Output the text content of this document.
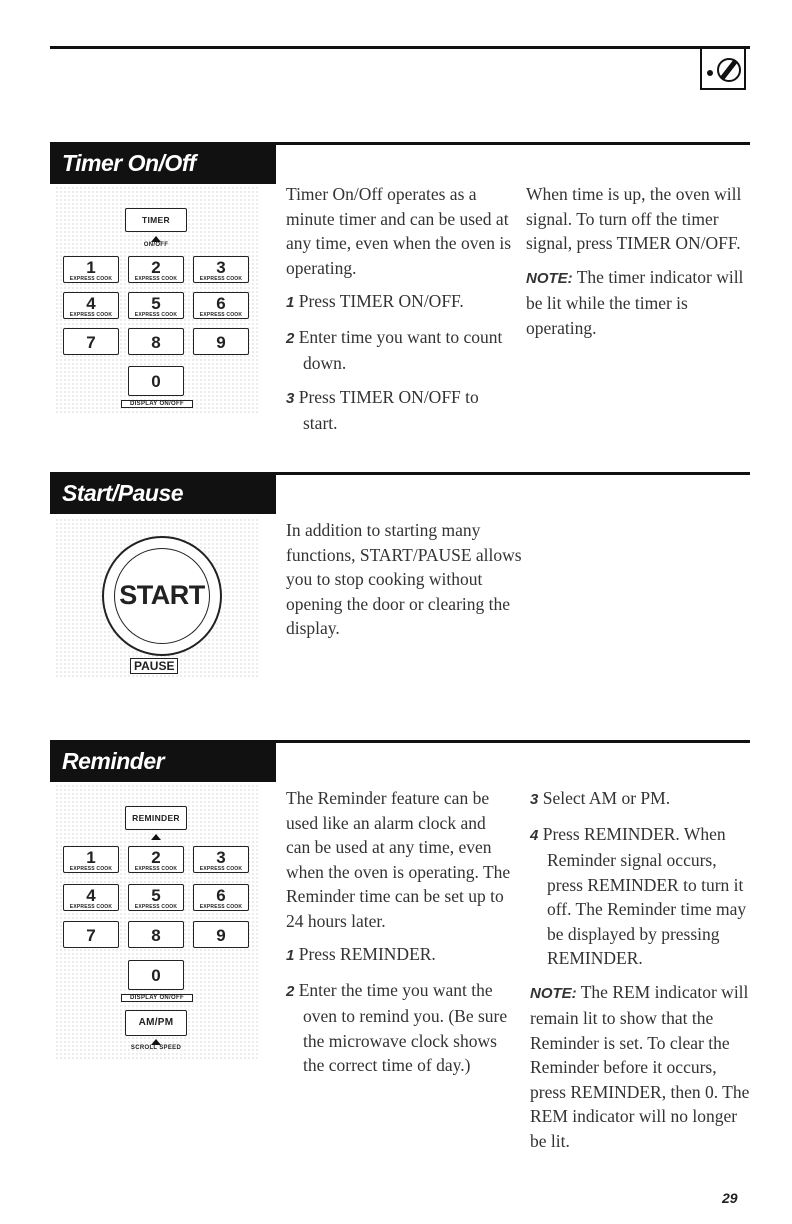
Timer On/Off
TIMER
ON/OFF
1
EXPRESS COOK
2
EXPRESS COOK
3
EXPRESS COOK
4
EXPRESS COOK
5
EXPRESS COOK
6
EXPRESS COOK
7	8	9
0
DISPLAY ON/OFF

Timer On/Off operates as a minute timer and can be used at any time, even when the oven is operating.

1 Press TIMER ON/OFF.

2 Enter time you want to count down.

3 Press TIMER ON/OFF to start.

When time is up, the oven will signal. To turn off the timer signal, press TIMER ON/OFF.

NOTE: The timer indicator will be lit while the timer is operating.

Start/Pause
START
PAUSE

In addition to starting many functions, START/PAUSE allows you to stop cooking without opening the door or clearing the display.

Reminder
REMINDER
1
EXPRESS COOK
2
EXPRESS COOK
3
EXPRESS COOK
4
EXPRESS COOK
5
EXPRESS COOK
6
EXPRESS COOK
7	8	9
0
DISPLAY ON/OFF
AM/PM
SCROLL SPEED

The Reminder feature can be used like an alarm clock and can be used at any time, even when the oven is operating. The Reminder time can be set up to 24 hours later.

1 Press REMINDER.

2 Enter the time you want the oven to remind you. (Be sure the microwave clock shows the correct time of day.)

3 Select AM or PM.

4 Press REMINDER. When Reminder signal occurs, press REMINDER to turn it off. The Reminder time may be displayed by pressing REMINDER.

NOTE: The REM indicator will remain lit to show that the Reminder is set. To clear the Reminder before it occurs, press REMINDER, then 0. The REM indicator will no longer be lit.

29
